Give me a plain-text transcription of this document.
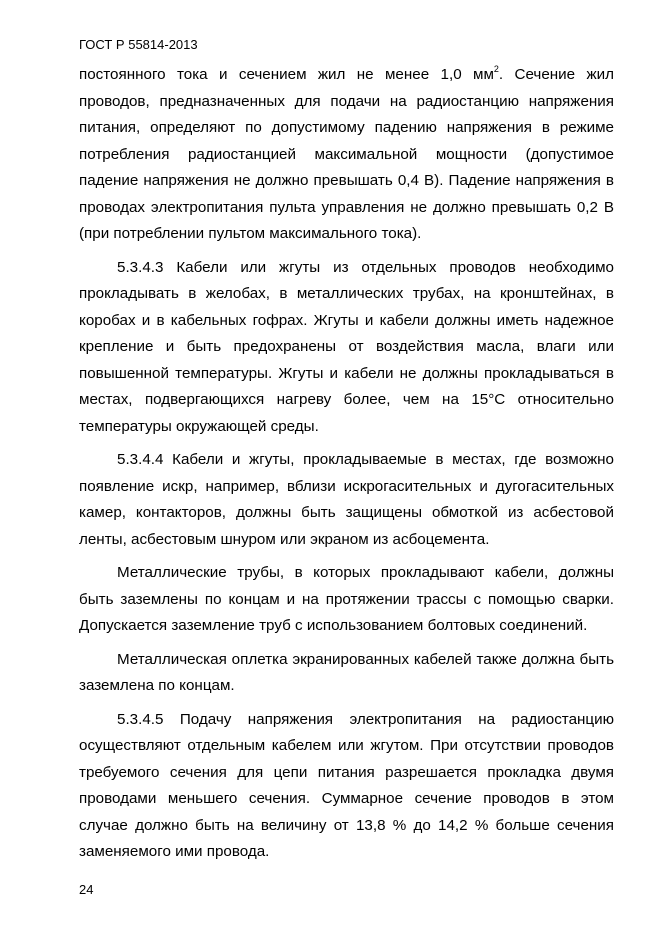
ГОСТ Р 55814-2013

постоянного тока и сечением жил не менее 1,0 $мм^2$. Сечение жил проводов, предназначенных для подачи на радиостанцию напряжения питания, определяют по допустимому падению напряжения в режиме потребления радиостанцией максимальной мощности (допустимое падение напряжения не должно превышать 0,4 В). Падение напряжения в проводах электропитания пульта управления не должно превышать 0,2 В (при потреблении пультом максимального тока).

5.3.4.3 Кабели или жгуты из отдельных проводов необходимо прокладывать в желобах, в металлических трубах, на кронштейнах, в коробах и в кабельных гофрах. Жгуты и кабели должны иметь надежное крепление и быть предохранены от воздействия масла, влаги или повышенной температуры. Жгуты и кабели не должны прокладываться в местах, подвергающихся нагреву более, чем на 15°С относительно температуры окружающей среды.

5.3.4.4 Кабели и жгуты, прокладываемые в местах, где возможно появление искр, например, вблизи искрогасительных и дугогасительных камер, контакторов, должны быть защищены обмоткой из асбестовой ленты, асбестовым шнуром или экраном из асбоцемента.

Металлические трубы, в которых прокладывают кабели, должны быть заземлены по концам и на протяжении трассы с помощью сварки. Допускается заземление труб с использованием болтовых соединений.

Металлическая оплетка экранированных кабелей также должна быть заземлена по концам.

5.3.4.5 Подачу напряжения электропитания на радиостанцию осуществляют отдельным кабелем или жгутом. При отсутствии проводов требуемого сечения для цепи питания разрешается прокладка двумя проводами меньшего сечения. Суммарное сечение проводов в этом случае должно быть на величину от 13,8 % до 14,2 % больше сечения заменяемого ими провода.

24
